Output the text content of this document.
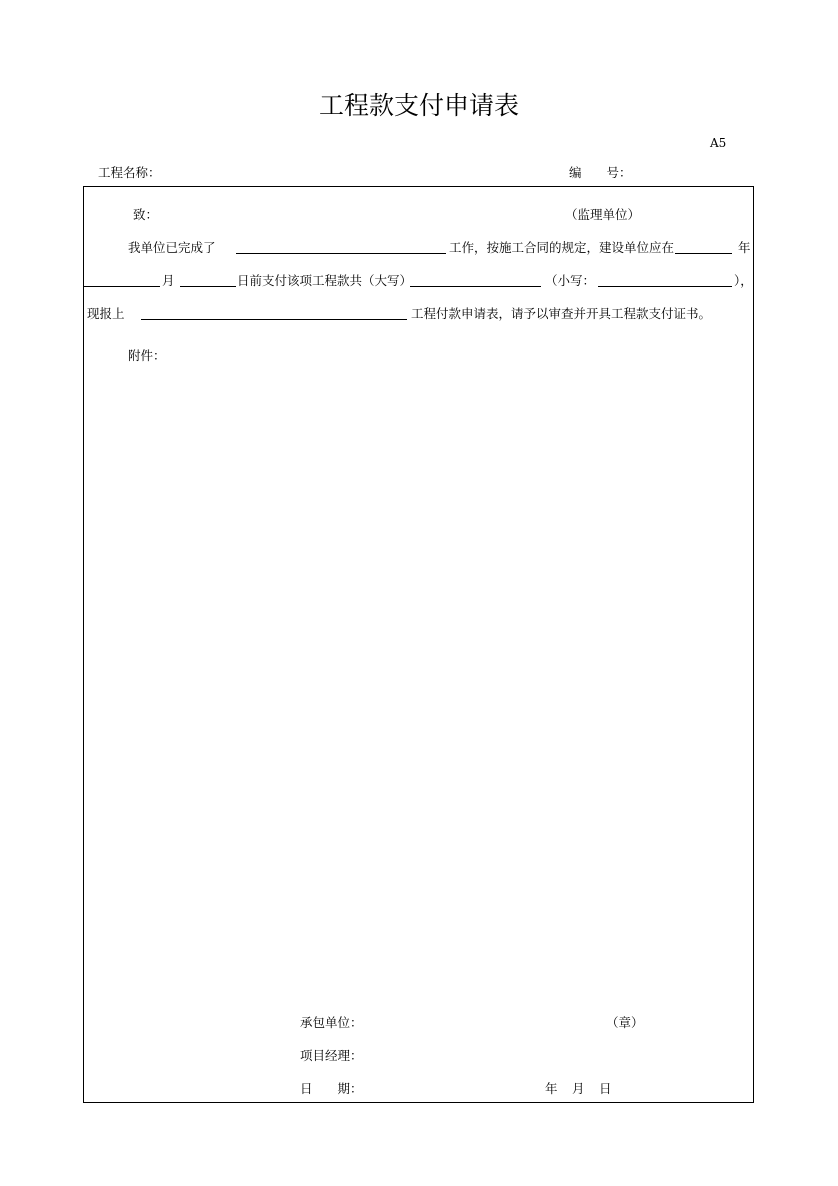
工程款支付申请表
A5
工程名称：	编　　号：
致：	（监理单位）
我单位已完成了	工作，按施工合同的规定，建设单位应在	年
月	日前支付该项工程款共（大写）	（小写：	），
现报上	工程付款申请表，请予以审查并开具工程款支付证书。
附件：
承包单位：	（章）
项目经理：
日　　期：	年 月 日
